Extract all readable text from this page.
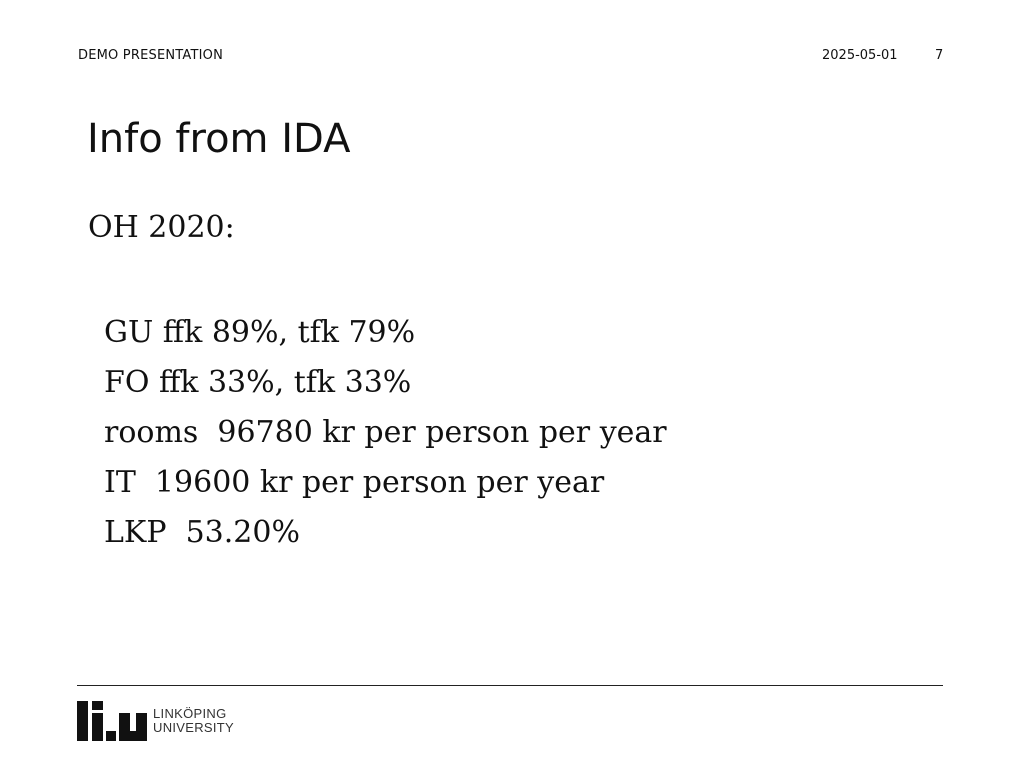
DEMO PRESENTATION	2025-05-01	7
Info from IDA

OH 2020:

GU ffk 89%, tfk 79%
FO ffk 33%, tfk 33%
rooms  96780 kr per person per year
IT  19600 kr per person per year
LKP  53.20%
LINKÖPING
UNIVERSITY
